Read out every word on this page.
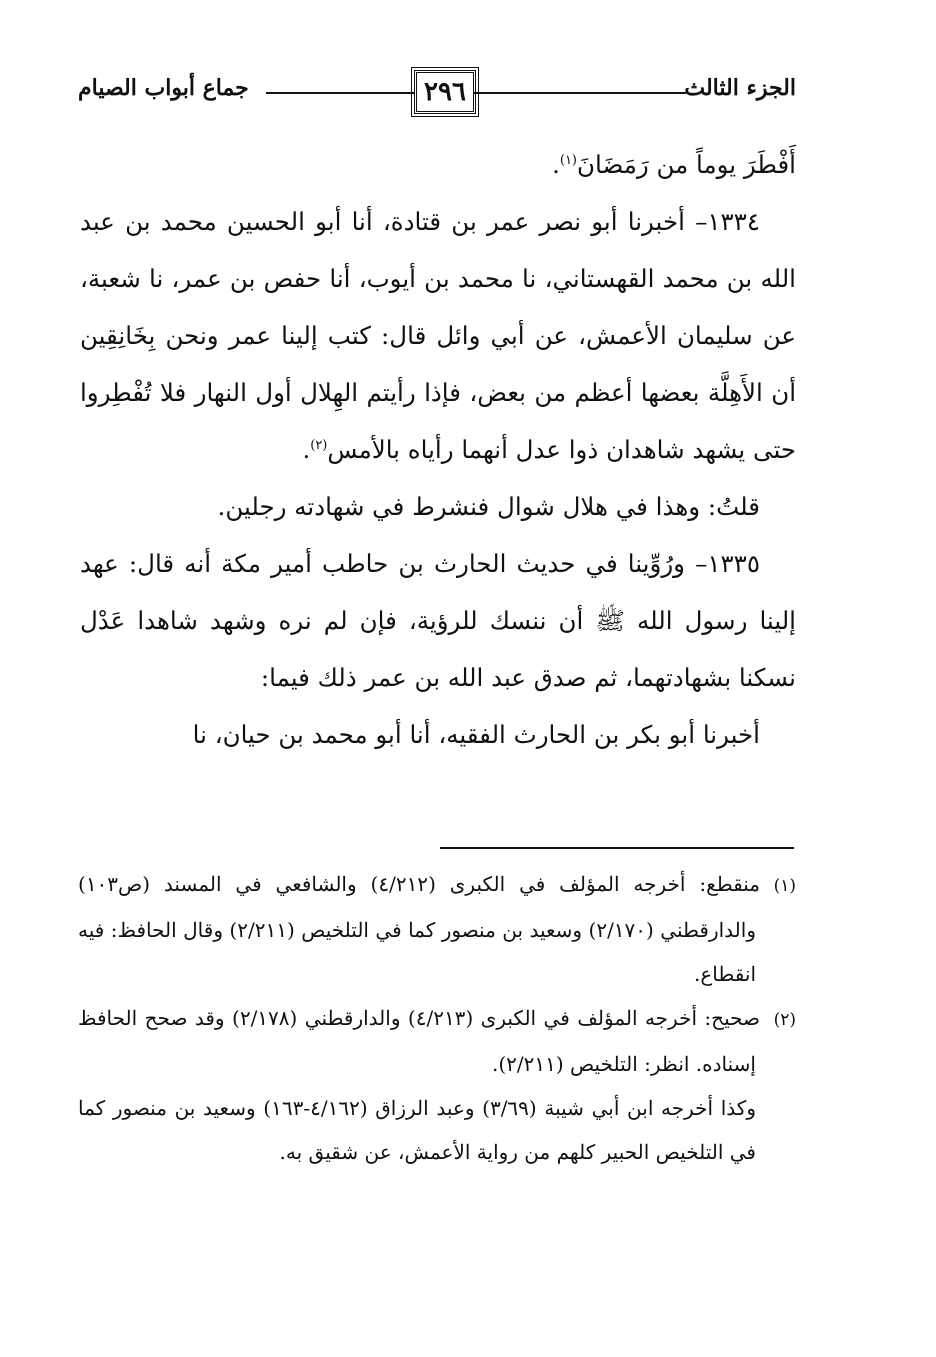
الجزء الثالث
٢٩٦
جماع أبواب الصيام

أَفْطَرَ يوماً من رَمَضَانَ$^{(١)}$.

١٣٣٤– أخبرنا أبو نصر عمر بن قتادة، أنا أبو الحسين محمد بن عبد الله بن محمد القهستاني، نا محمد بن أيوب، أنا حفص بن عمر، نا شعبة، عن سليمان الأعمش، عن أبي وائل قال: كتب إلينا عمر ونحن بِخَانِقِين أن الأَهِلَّة بعضها أعظم من بعض، فإذا رأيتم الهِلال أول النهار فلا تُفْطِروا حتى يشهد شاهدان ذوا عدل أنهما رأياه بالأمس$^{(٢)}$.

قلتُ: وهذا في هلال شوال فنشرط في شهادته رجلين.

١٣٣٥– ورُوِّينا في حديث الحارث بن حاطب أمير مكة أنه قال: عهد إلينا رسول الله ﷺ أن ننسك للرؤية، فإن لم نره وشهد شاهدا عَدْل نسكنا بشهادتهما، ثم صدق عبد الله بن عمر ذلك فيما:

أخبرنا أبو بكر بن الحارث الفقيه، أنا أبو محمد بن حيان، نا

(١)منقطع: أخرجه المؤلف في الكبرى (٤/٢١٢) والشافعي في المسند (ص١٠٣) والدارقطني (٢/١٧٠) وسعيد بن منصور كما في التلخيص (٢/٢١١) وقال الحافظ: فيه انقطاع.

(٢)صحيح: أخرجه المؤلف في الكبرى (٤/٢١٣) والدارقطني (٢/١٧٨) وقد صحح الحافظ إسناده. انظر: التلخيص (٢/٢١١).

وكذا أخرجه ابن أبي شيبة (٣/٦٩) وعبد الرزاق (٤/١٦٢-١٦٣) وسعيد بن منصور كما في التلخيص الحبير كلهم من رواية الأعمش، عن شقيق به.
